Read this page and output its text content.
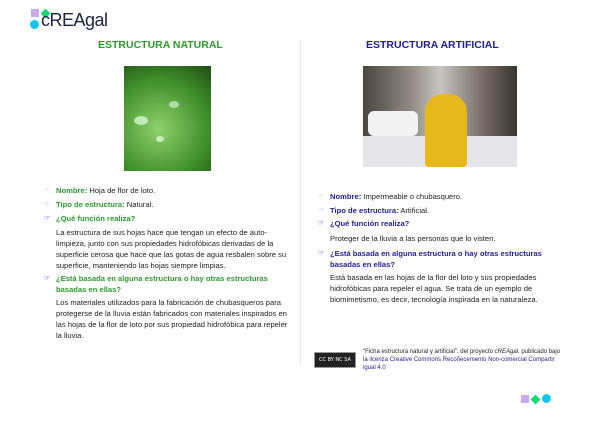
cREAgal
ESTRUCTURA NATURAL	ESTRUCTURA ARTIFICIAL
☞ Nombre: Hoja de flor de loto.
☞ Tipo de estructura: Natural.
☞ ¿Qué función realiza?
La estructura de sus hojas hace que tengan un efecto de auto-limpieza, junto con sus propiedades hidrofóbicas derivadas de la superficie cerosa que hace que las gotas de agua resbalen sobre su superficie, manteniendo las hojas siempre limpias.
☞ ¿Está basada en alguna estructura o hay otras estructuras basadas en ellas?
Los materiales utilizados para la fabricación de chubasqueros para protegerse de la lluvia están fabricados con materiales inspirados en las hojas de la flor de loto por sus propiedad hidrofóbica para repeler la lluvia.
☞ Nombre: Impermeable o chubasquero.
☞ Tipo de estructura: Artificial.
☞ ¿Qué función realiza?
Proteger de la lluvia a las personas que lo visten.
☞ ¿Está basada en alguna estructura o hay otras estructuras basadas en ellas?
Está basada en las hojas de la flor del loto y sus propiedades hidrofóbicas para repeler el agua. Se trata de un ejemplo de biomimetismo, es decir, tecnología inspirada en la naturaleza.
CC BY NC SA
"Ficha estructura natural y artificial", del proyecto cREAgal, publicado bajo la licenza Creative Commons Recoñecemento Non-comercial Compartir igual 4.0
